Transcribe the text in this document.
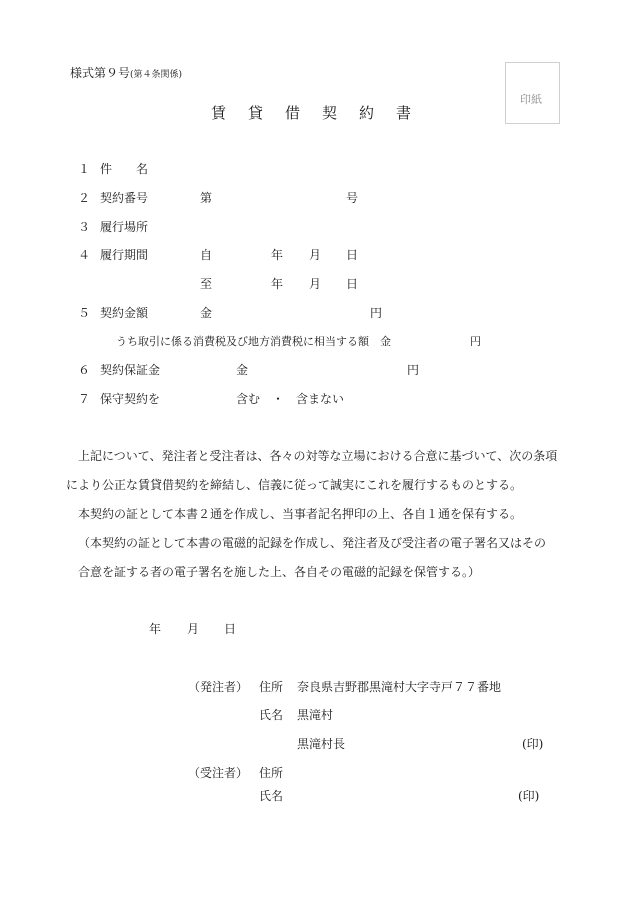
様式第９号(第４条関係)
印紙
賃貸借契約書
１ 件　　名
２ 契約番号	第	号
３ 履行場所
４ 履行期間	自	年 月 日
至	年 月 日
５ 契約金額	金	円
うち取引に係る消費税及び地方消費税に相当する額 金	円
６ 契約保証金	金	円
７ 保守契約を	含む　・　含まない
上記について、発注者と受注者は、各々の対等な立場における合意に基づいて、次の条項
により公正な賃貸借契約を締結し、信義に従って誠実にこれを履行するものとする。
本契約の証として本書２通を作成し、当事者記名押印の上、各自１通を保有する。
（本契約の証として本書の電磁的記録を作成し、発注者及び受注者の電子署名又はその
合意を証する者の電子署名を施した上、各自その電磁的記録を保管する。）
年 月 日
（発注者） 住所 奈良県吉野郡黒滝村大字寺戸７７番地
氏名 黒滝村
黒滝村長	(印)
（受注者） 住所
氏名	(印)
